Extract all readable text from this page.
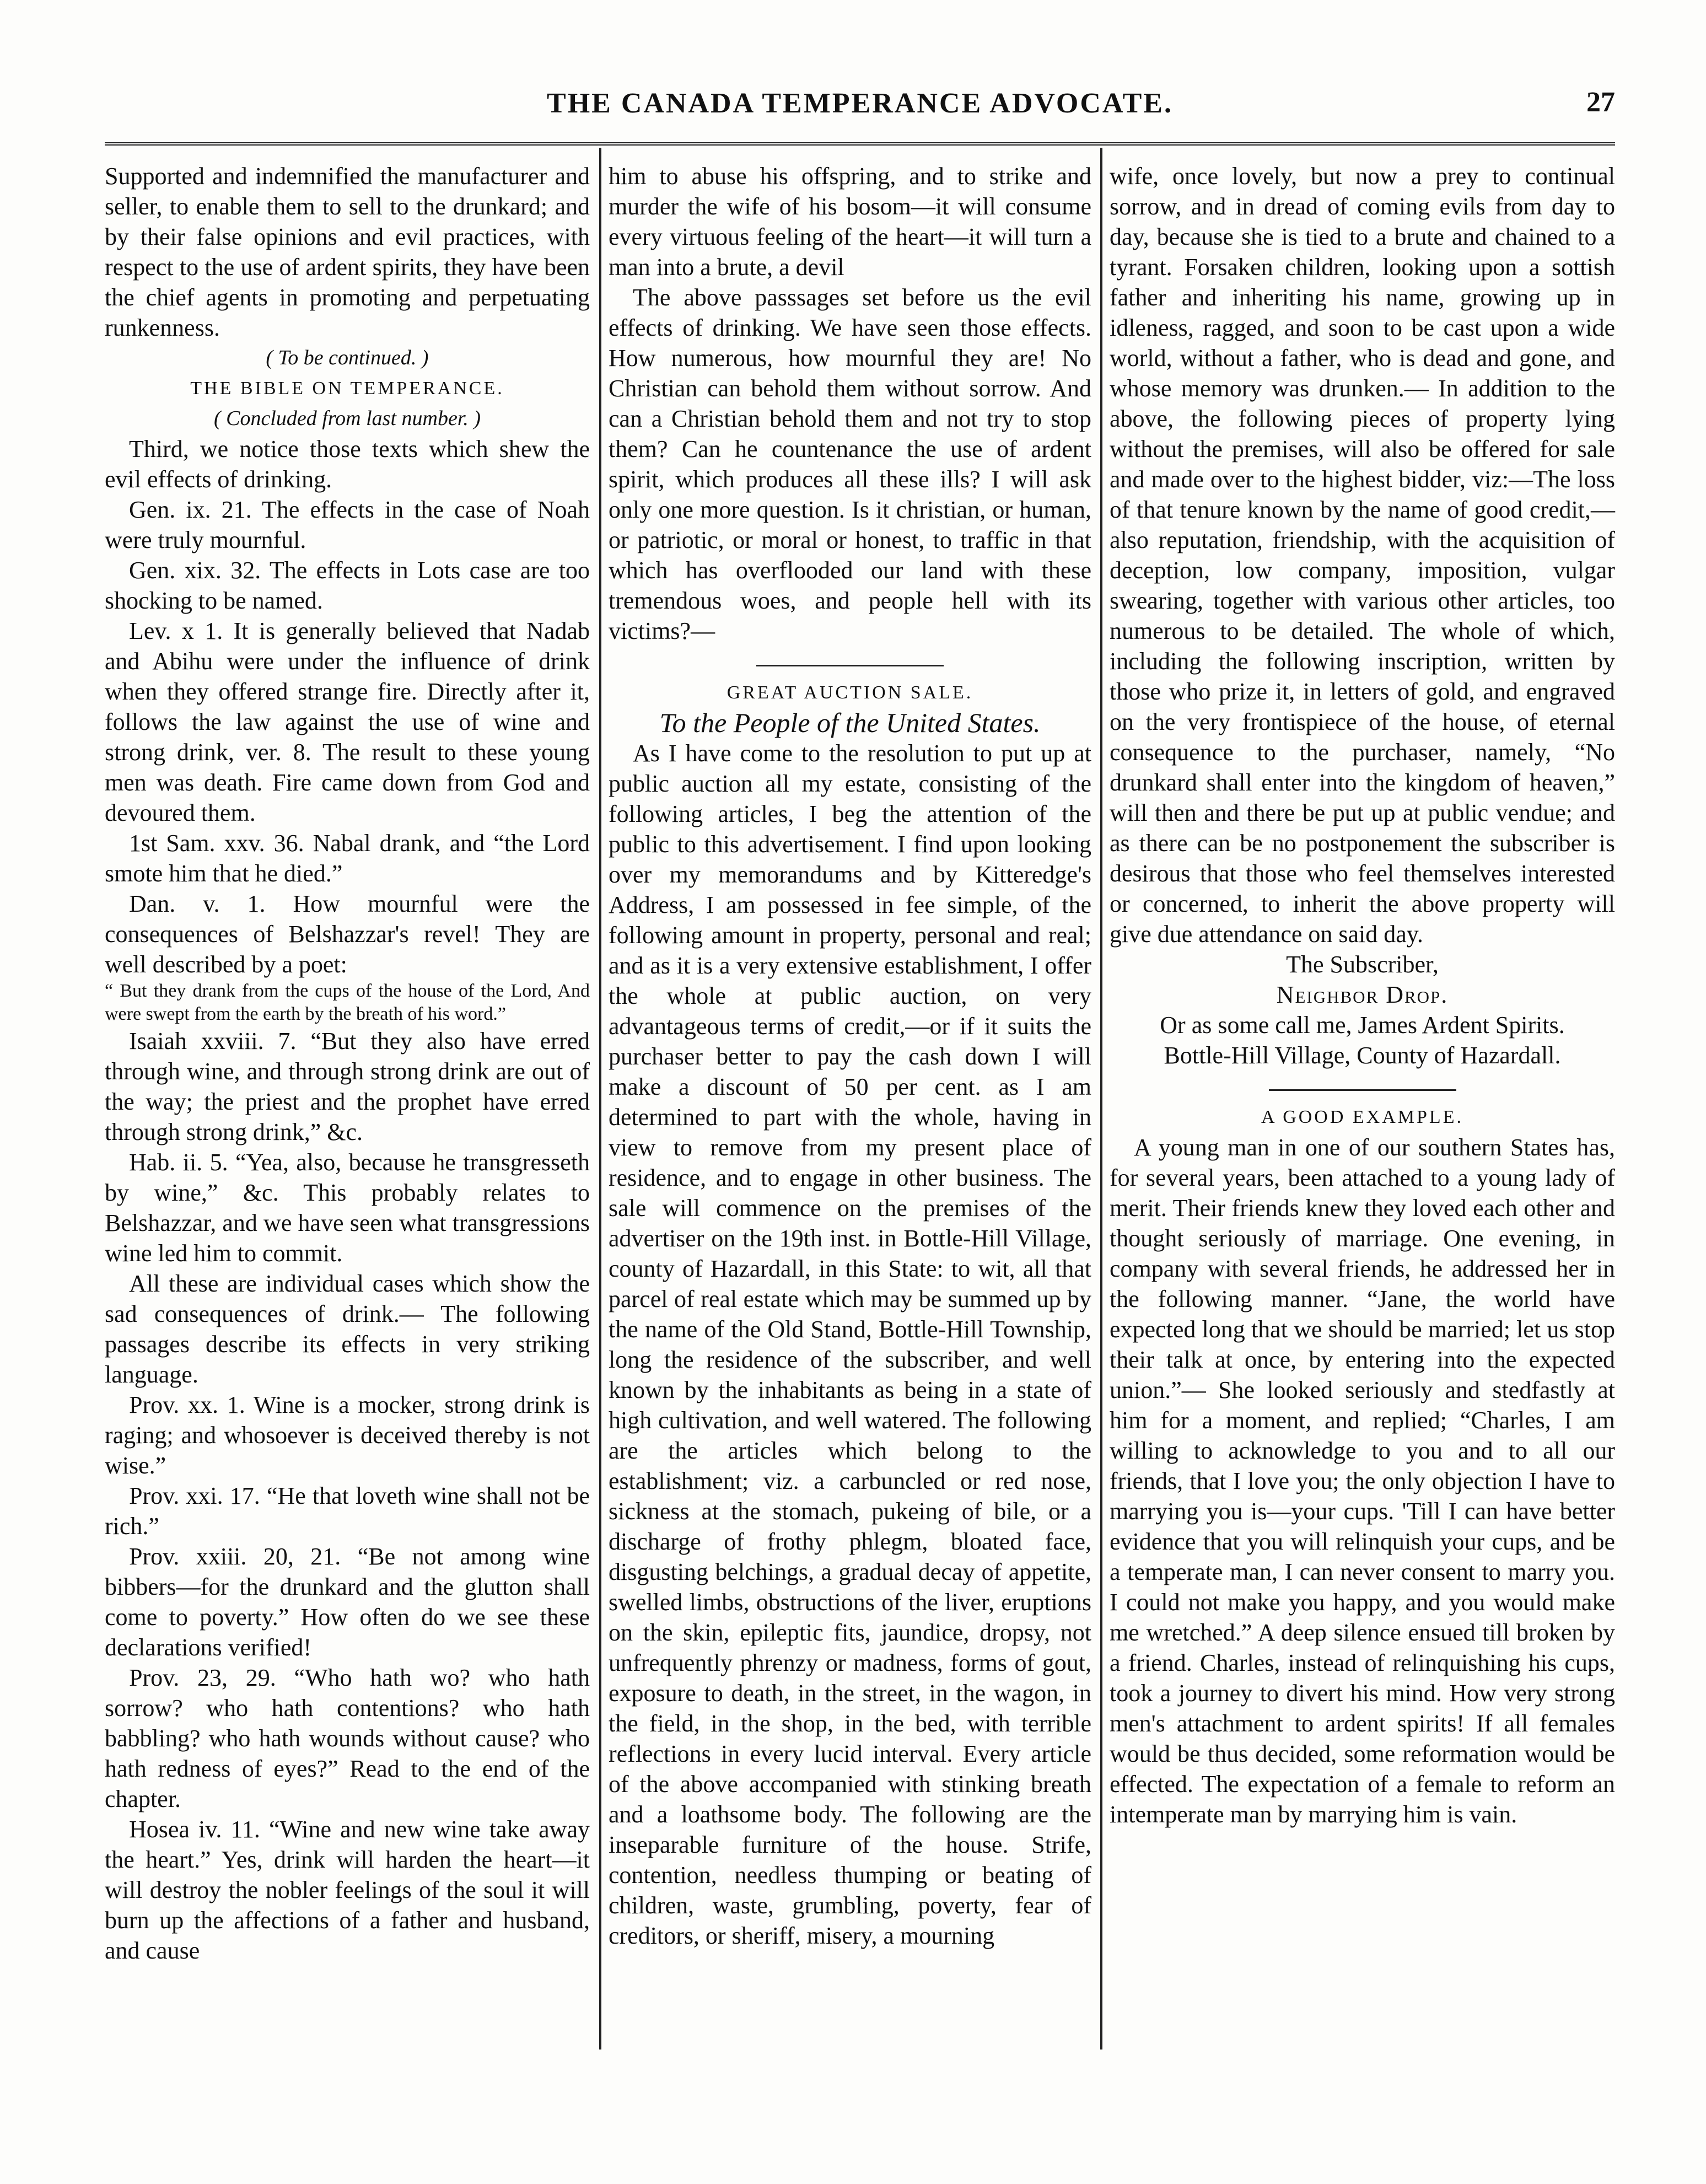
THE CANADA TEMPERANCE ADVOCATE.	27

Supported and indemnified the manufacturer and seller, to enable them to sell to the drunkard; and by their false opinions and evil practices, with respect to the use of ardent spirits, they have been the chief agents in promoting and perpetuating runkenness.

( To be continued. )

THE BIBLE ON TEMPERANCE.

( Concluded from last number. )

Third, we notice those texts which shew the evil effects of drinking.

Gen. ix. 21. The effects in the case of Noah were truly mournful.

Gen. xix. 32. The effects in Lots case are too shocking to be named.

Lev. x 1. It is generally believed that Nadab and Abihu were under the influence of drink when they offered strange fire. Directly after it, follows the law against the use of wine and strong drink, ver. 8. The result to these young men was death. Fire came down from God and devoured them.

1st Sam. xxv. 36. Nabal drank, and “the Lord smote him that he died.”

Dan. v. 1. How mournful were the consequences of Belshazzar's revel! They are well described by a poet:

“ But they drank from the cups of the house of the Lord, And were swept from the earth by the breath of his word.”

Isaiah xxviii. 7. “But they also have erred through wine, and through strong drink are out of the way; the priest and the prophet have erred through strong drink,” &c.

Hab. ii. 5. “Yea, also, because he transgresseth by wine,” &c. This probably relates to Belshazzar, and we have seen what transgressions wine led him to commit.

All these are individual cases which show the sad consequences of drink.— The following passages describe its effects in very striking language.

Prov. xx. 1. Wine is a mocker, strong drink is raging; and whosoever is deceived thereby is not wise.”

Prov. xxi. 17. “He that loveth wine shall not be rich.”

Prov. xxiii. 20, 21. “Be not among wine bibbers—for the drunkard and the glutton shall come to poverty.” How often do we see these declarations verified!

Prov. 23, 29. “Who hath wo? who hath sorrow? who hath contentions? who hath babbling? who hath wounds without cause? who hath redness of eyes?” Read to the end of the chapter.

Hosea iv. 11. “Wine and new wine take away the heart.” Yes, drink will harden the heart—it will destroy the nobler feelings of the soul it will burn up the affections of a father and husband, and cause

him to abuse his offspring, and to strike and murder the wife of his bosom—it will consume every virtuous feeling of the heart—it will turn a man into a brute, a devil

The above passsages set before us the evil effects of drinking. We have seen those effects. How numerous, how mournful they are! No Christian can behold them without sorrow. And can a Christian behold them and not try to stop them? Can he countenance the use of ardent spirit, which produces all these ills? I will ask only one more question. Is it christian, or human, or patriotic, or moral or honest, to traffic in that which has overflooded our land with these tremendous woes, and people hell with its victims?—

GREAT AUCTION SALE.

To the People of the United States.

As I have come to the resolution to put up at public auction all my estate, consisting of the following articles, I beg the attention of the public to this advertisement. I find upon looking over my memorandums and by Kitteredge's Address, I am possessed in fee simple, of the following amount in property, personal and real; and as it is a very extensive establishment, I offer the whole at public auction, on very advantageous terms of credit,—or if it suits the purchaser better to pay the cash down I will make a discount of 50 per cent. as I am determined to part with the whole, having in view to remove from my present place of residence, and to engage in other business. The sale will commence on the premises of the advertiser on the 19th inst. in Bottle-Hill Village, county of Hazardall, in this State: to wit, all that parcel of real estate which may be summed up by the name of the Old Stand, Bottle-Hill Township, long the residence of the subscriber, and well known by the inhabitants as being in a state of high cultivation, and well watered. The following are the articles which belong to the establishment; viz. a carbuncled or red nose, sickness at the stomach, pukeing of bile, or a discharge of frothy phlegm, bloated face, disgusting belchings, a gradual decay of appetite, swelled limbs, obstructions of the liver, eruptions on the skin, epileptic fits, jaundice, dropsy, not unfrequently phrenzy or madness, forms of gout, exposure to death, in the street, in the wagon, in the field, in the shop, in the bed, with terrible reflections in every lucid interval. Every article of the above accompanied with stinking breath and a loathsome body. The following are the inseparable furniture of the house. Strife, contention, needless thumping or beating of children, waste, grumbling, poverty, fear of creditors, or sheriff, misery, a mourning

wife, once lovely, but now a prey to continual sorrow, and in dread of coming evils from day to day, because she is tied to a brute and chained to a tyrant. Forsaken children, looking upon a sottish father and inheriting his name, growing up in idleness, ragged, and soon to be cast upon a wide world, without a father, who is dead and gone, and whose memory was drunken.— In addition to the above, the following pieces of property lying without the premises, will also be offered for sale and made over to the highest bidder, viz:—The loss of that tenure known by the name of good credit,—also reputation, friendship, with the acquisition of deception, low company, imposition, vulgar swearing, together with various other articles, too numerous to be detailed. The whole of which, including the following inscription, written by those who prize it, in letters of gold, and engraved on the very frontispiece of the house, of eternal consequence to the purchaser, namely, “No drunkard shall enter into the kingdom of heaven,” will then and there be put up at public vendue; and as there can be no postponement the subscriber is desirous that those who feel themselves interested or concerned, to inherit the above property will give due attendance on said day.

The Subscriber,

Neighbor Drop.

Or as some call me, James Ardent Spirits.

Bottle-Hill Village, County of Hazardall.

A GOOD EXAMPLE.

A young man in one of our southern States has, for several years, been attached to a young lady of merit. Their friends knew they loved each other and thought seriously of marriage. One evening, in company with several friends, he addressed her in the following manner. “Jane, the world have expected long that we should be married; let us stop their talk at once, by entering into the expected union.”— She looked seriously and stedfastly at him for a moment, and replied; “Charles, I am willing to acknowledge to you and to all our friends, that I love you; the only objection I have to marrying you is—your cups. 'Till I can have better evidence that you will relinquish your cups, and be a temperate man, I can never consent to marry you. I could not make you happy, and you would make me wretched.” A deep silence ensued till broken by a friend. Charles, instead of relinquishing his cups, took a journey to divert his mind. How very strong men's attachment to ardent spirits! If all females would be thus decided, some reformation would be effected. The expectation of a female to reform an intemperate man by marrying him is vain.
